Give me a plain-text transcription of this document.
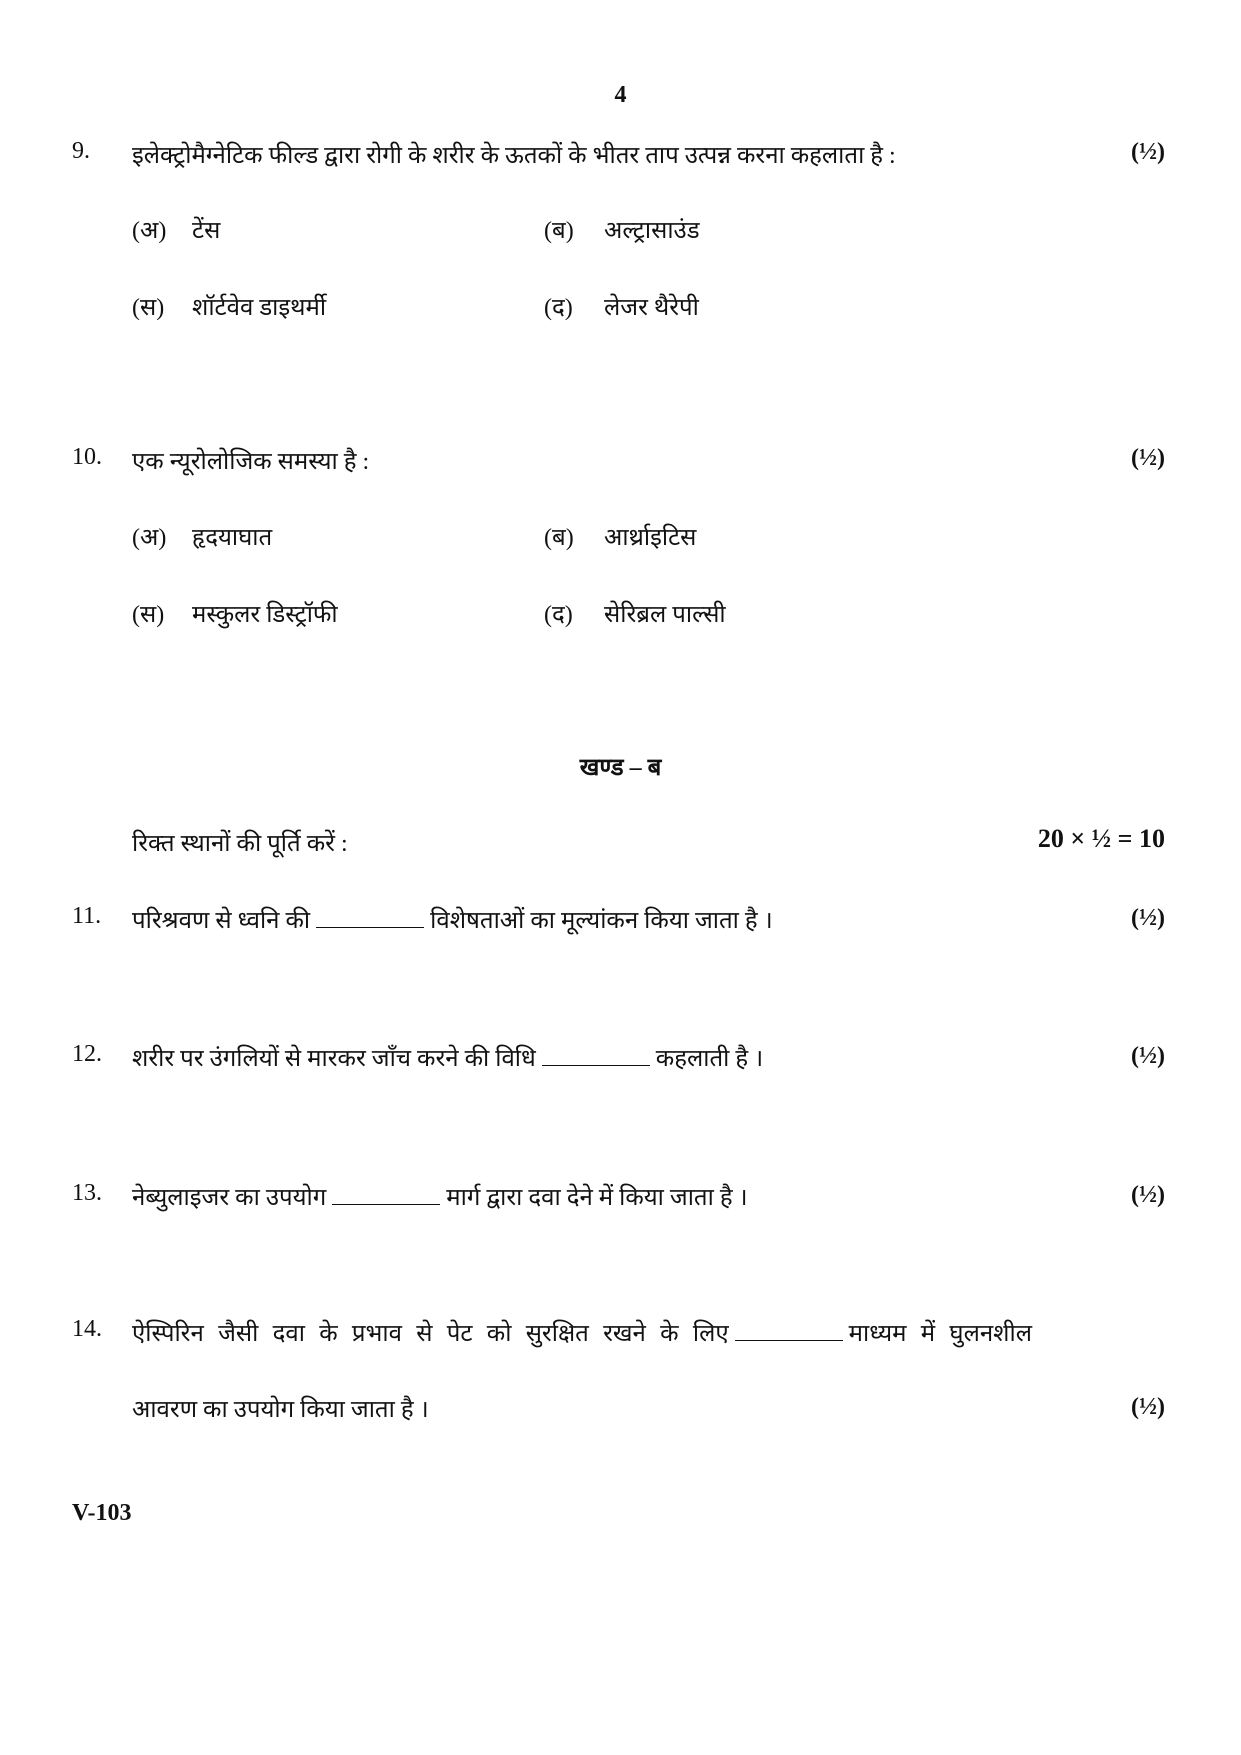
4
9. इलेक्ट्रोमैग्नेटिक फील्ड द्वारा रोगी के शरीर के ऊतकों के भीतर ताप उत्पन्न करना कहलाता है :	(½)
(अ) टेंस	(ब) अल्ट्रासाउंड
(स) शॉर्टवेव डाइथर्मी	(द) लेजर थैरेपी
10. एक न्यूरोलोजिक समस्या है :	(½)
(अ) हृदयाघात	(ब) आर्थ्राइटिस
(स) मस्कुलर डिस्ट्रॉफी	(द) सेरिब्रल पाल्सी
खण्ड – ब
रिक्त स्थानों की पूर्ति करें :	20 × ½ = 10
11. परिश्रवण से ध्वनि की	विशेषताओं का मूल्यांकन किया जाता है ।	(½)
12. शरीर पर उंगलियों से मारकर जाँच करने की विधि	कहलाती है ।	(½)
13. नेब्युलाइजर का उपयोग	मार्ग द्वारा दवा देने में किया जाता है ।	(½)
14. ऐस्पिरिन जैसी दवा के प्रभाव से पेट को सुरक्षित रखने के लिए	माध्यम में घुलनशील
आवरण का उपयोग किया जाता है ।	(½)
V-103
